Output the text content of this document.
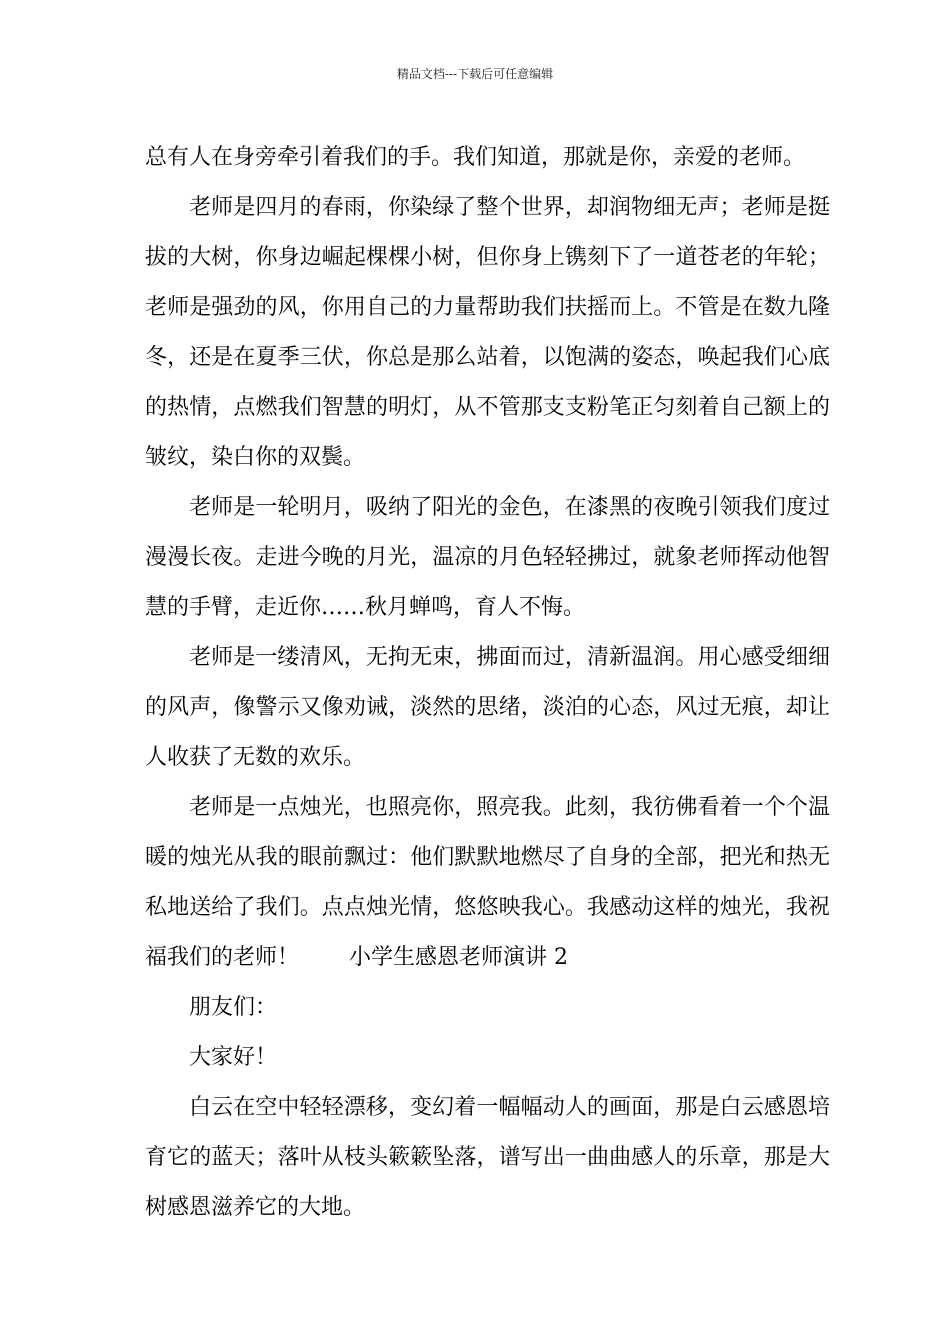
精品文档---下载后可任意编辑

总有人在身旁牵引着我们的手。我们知道，那就是你，亲爱的老师。

老师是四月的春雨，你染绿了整个世界，却润物细无声；老师是挺拔的大树，你身边崛起棵棵小树，但你身上镌刻下了一道苍老的年轮；老师是强劲的风，你用自己的力量帮助我们扶摇而上。不管是在数九隆冬，还是在夏季三伏，你总是那么站着，以饱满的姿态，唤起我们心底的热情，点燃我们智慧的明灯，从不管那支支粉笔正匀刻着自己额上的皱纹，染白你的双鬓。

老师是一轮明月，吸纳了阳光的金色，在漆黑的夜晚引领我们度过漫漫长夜。走进今晚的月光，温凉的月色轻轻拂过，就象老师挥动他智慧的手臂，走近你……秋月蝉鸣，育人不悔。

老师是一缕清风，无拘无束，拂面而过，清新温润。用心感受细细的风声，像警示又像劝诫，淡然的思绪，淡泊的心态，风过无痕，却让人收获了无数的欢乐。

老师是一点烛光，也照亮你，照亮我。此刻，我彷佛看着一个个温暖的烛光从我的眼前飘过：他们默默地燃尽了自身的全部，把光和热无私地送给了我们。点点烛光情，悠悠映我心。我感动这样的烛光，我祝福我们的老师！ 小学生感恩老师演讲 2

朋友们：

大家好！

白云在空中轻轻漂移，变幻着一幅幅动人的画面，那是白云感恩培育它的蓝天；落叶从枝头簌簌坠落，谱写出一曲曲感人的乐章，那是大树感恩滋养它的大地。
